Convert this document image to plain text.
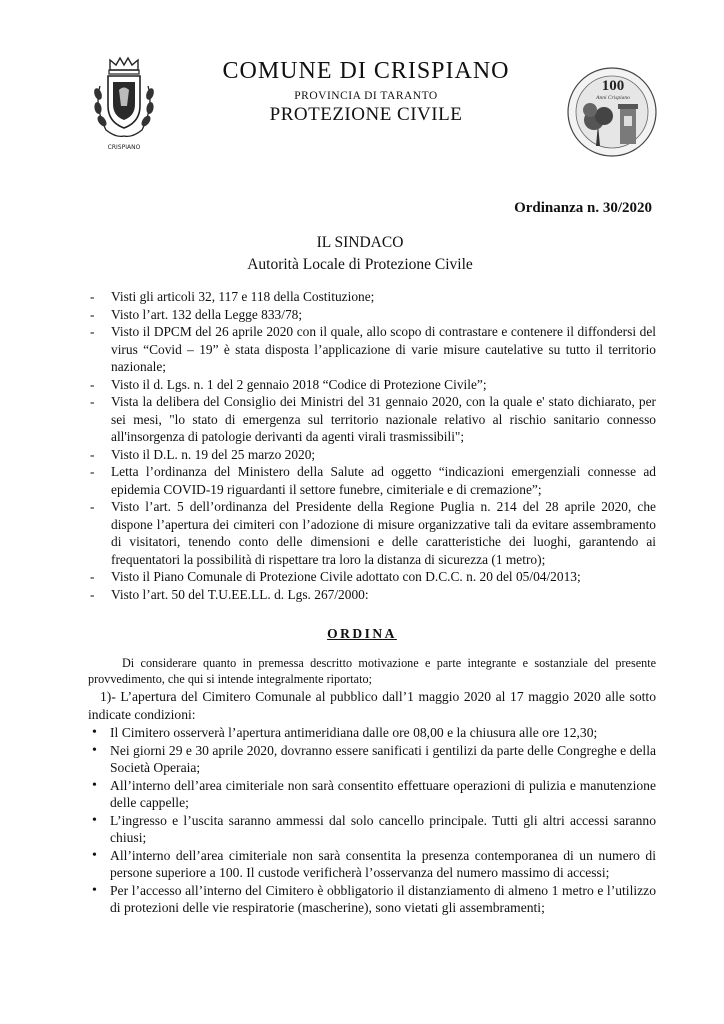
CRISPIANO
COMUNE DI CRISPIANO
PROVINCIA DI TARANTO
PROTEZIONE CIVILE
100
Anni Crispiano
Ordinanza n. 30/2020
IL SINDACO
Autorità Locale di Protezione Civile
- Visti gli articoli 32, 117 e 118 della Costituzione;
- Visto l’art. 132 della Legge 833/78;
- Visto il DPCM del 26 aprile 2020 con il quale, allo scopo di contrastare e contenere il diffondersi del virus “Covid – 19” è stata disposta l’applicazione di varie misure cautelative su tutto il territorio nazionale;
- Visto il d. Lgs. n. 1 del 2 gennaio 2018 “Codice di Protezione Civile”;
- Vista la delibera del Consiglio dei Ministri del 31 gennaio 2020, con la quale e' stato dichiarato, per sei mesi, "lo stato di emergenza sul territorio nazionale relativo al rischio sanitario connesso all'insorgenza di patologie derivanti da agenti virali trasmissibili";
- Visto il D.L. n. 19 del 25 marzo 2020;
- Letta l’ordinanza del Ministero della Salute ad oggetto “indicazioni emergenziali connesse ad epidemia COVID-19 riguardanti il settore funebre, cimiteriale e di cremazione”;
- Visto l’art. 5 dell’ordinanza del Presidente della Regione Puglia n. 214 del 28 aprile 2020, che dispone l’apertura dei cimiteri con l’adozione di misure organizzative tali da evitare assembramento di visitatori, tenendo conto delle dimensioni e delle caratteristiche dei luoghi, garantendo ai frequentatori la possibilità di rispettare tra loro la distanza di sicurezza (1 metro);
- Visto il Piano Comunale di Protezione Civile adottato con D.C.C. n. 20 del 05/04/2013;
- Visto l’art. 50 del T.U.EE.LL. d. Lgs. 267/2000:
ORDINA

Di considerare quanto in premessa descritto motivazione e parte integrante e sostanziale del presente provvedimento, che qui si intende integralmente riportato;

1)- L’apertura del Cimitero Comunale al pubblico dall’1 maggio 2020 al 17 maggio 2020 alle sotto indicate condizioni:

• Il Cimitero osserverà l’apertura antimeridiana dalle ore 08,00 e la chiusura alle ore 12,30;
• Nei giorni 29 e 30 aprile 2020, dovranno essere sanificati i gentilizi da parte delle Congreghe e della Società Operaia;
• All’interno dell’area cimiteriale non sarà consentito effettuare operazioni di pulizia e manutenzione delle cappelle;
• L’ingresso e l’uscita saranno ammessi dal solo cancello principale. Tutti gli altri accessi saranno chiusi;
• All’interno dell’area cimiteriale non sarà consentita la presenza contemporanea di un numero di persone superiore a 100. Il custode verificherà l’osservanza del numero massimo di accessi;
• Per l’accesso all’interno del Cimitero è obbligatorio il distanziamento di almeno 1 metro e l’utilizzo di protezioni delle vie respiratorie (mascherine), sono vietati gli assembramenti;
